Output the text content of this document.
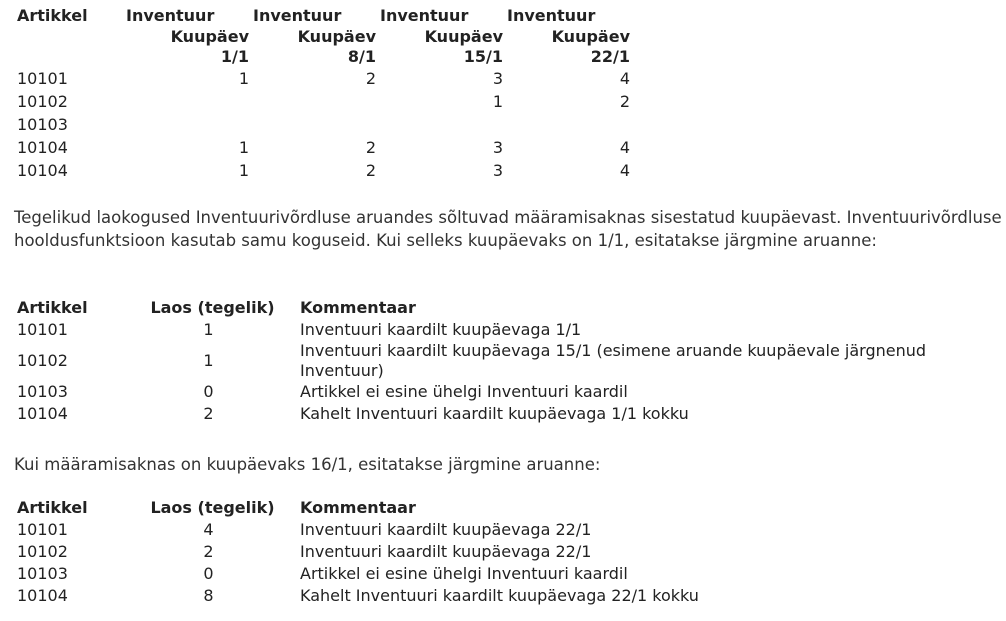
Artikkel	Inventuur	Inventuur	Inventuur	Inventuur
	Kuupäev	Kuupäev	Kuupäev	Kuupäev
	1/1	8/1	15/1	22/1
10101	1	2	3	4
10102			1	2
10103				
10104	1	2	3	4
10104	1	2	3	4

Tegelikud laokogused Inventuurivõrdluse aruandes sõltuvad määramisaknas sisestatud kuupäevast. Inventuurivõrdluse hooldusfunktsioon kasutab samu koguseid. Kui selleks kuupäevaks on 1/1, esitatakse järgmine aruanne:

Artikkel	Laos (tegelik)	Kommentaar
10101	1	Inventuuri kaardilt kuupäevaga 1/1
10102	1	Inventuuri kaardilt kuupäevaga 15/1 (esimene aruande kuupäevale järgnenud Inventuur)
10103	0	Artikkel ei esine ühelgi Inventuuri kaardil
10104	2	Kahelt Inventuuri kaardilt kuupäevaga 1/1 kokku

Kui määramisaknas on kuupäevaks 16/1, esitatakse järgmine aruanne:

Artikkel	Laos (tegelik)	Kommentaar
10101	4	Inventuuri kaardilt kuupäevaga 22/1
10102	2	Inventuuri kaardilt kuupäevaga 22/1
10103	0	Artikkel ei esine ühelgi Inventuuri kaardil
10104	8	Kahelt Inventuuri kaardilt kuupäevaga 22/1 kokku
